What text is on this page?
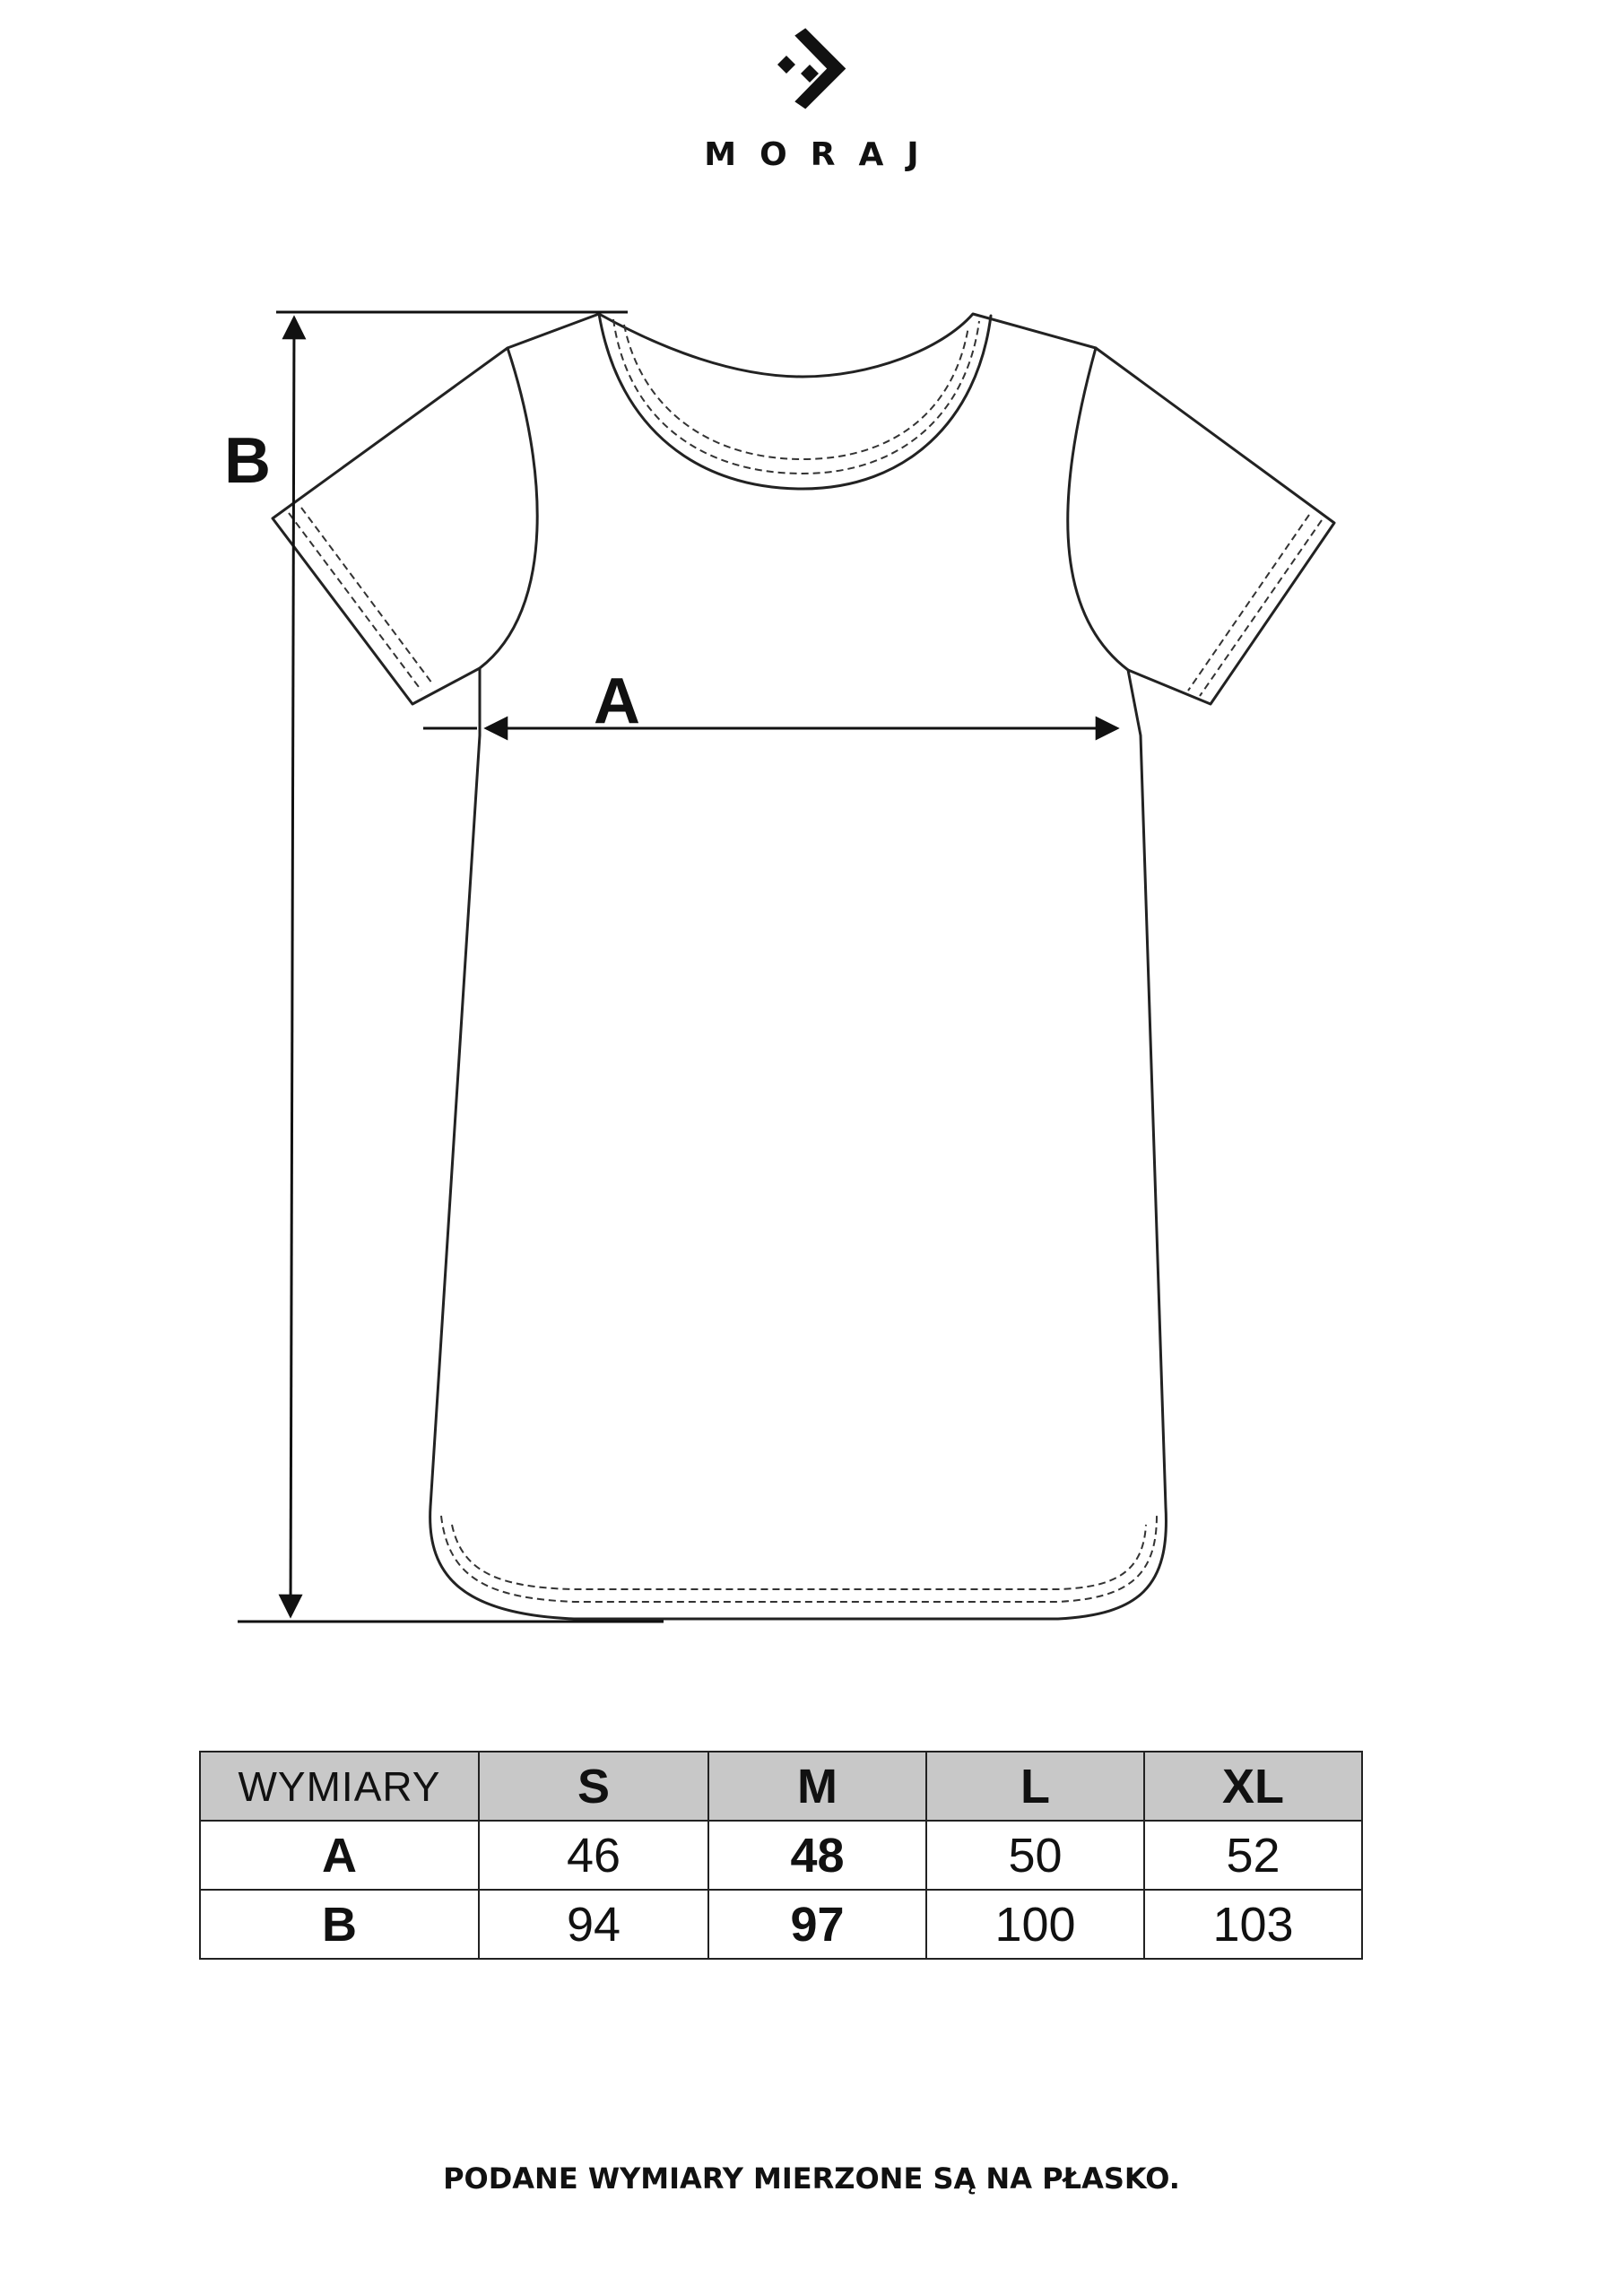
MORAJ
B
A
WYMIARY	S	M	L	XL
A	46	48	50	52
B	94	97	100	103
PODANE WYMIARY MIERZONE SĄ NA PŁASKO.
